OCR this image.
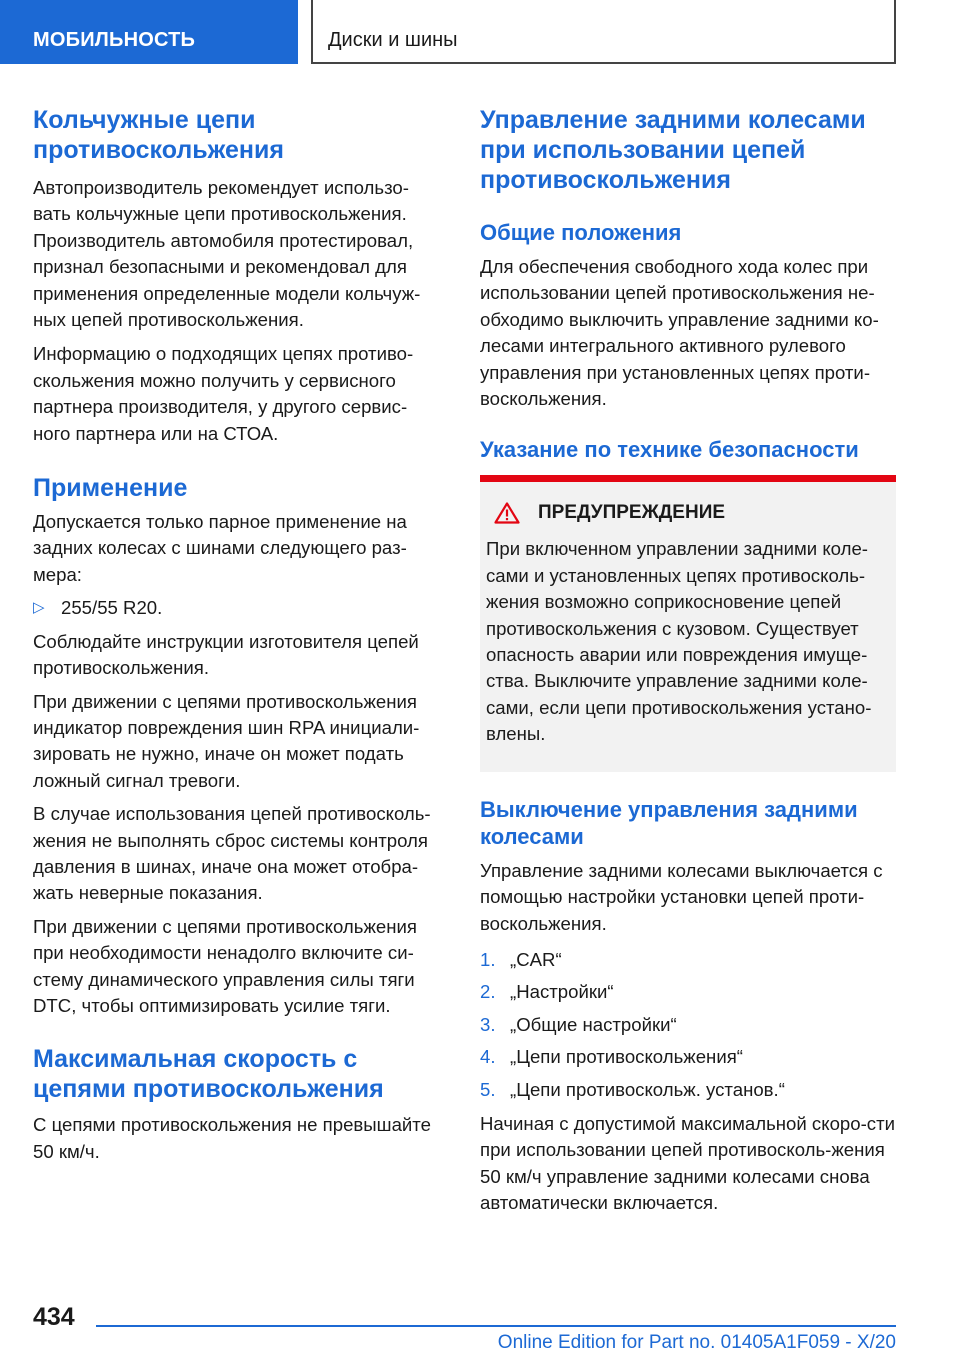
МОБИЛЬНОСТЬ	Диски и шины
Кольчужные цепи противоскольжения

Автопроизводитель рекомендует использо-вать кольчужные цепи противоскольжения. Производитель автомобиля протестировал, признал безопасными и рекомендовал для применения определенные модели кольчуж-ных цепей противоскольжения.

Информацию о подходящих цепях противо-скольжения можно получить у сервисного партнера производителя, у другого сервис-ного партнера или на СТОА.

Применение

Допускается только парное применение на задних колесах с шинами следующего раз-мера:

▷ 255/55 R20.

Соблюдайте инструкции изготовителя цепей противоскольжения.

При движении с цепями противоскольжения индикатор повреждения шин RPA инициали-зировать не нужно, иначе он может подать ложный сигнал тревоги.

В случае использования цепей противосколь-жения не выполнять сброс системы контроля давления в шинах, иначе она может отобра-жать неверные показания.

При движении с цепями противоскольжения при необходимости ненадолго включите си-стему динамического управления силы тяги DTC, чтобы оптимизировать усилие тяги.

Максимальная скорость с цепями противоскольжения

С цепями противоскольжения не превышайте 50 км/ч.

Управление задними колесами при использовании цепей противоскольжения
Общие положения

Для обеспечения свободного хода колес при использовании цепей противоскольжения не-обходимо выключить управление задними ко-лесами интегрального активного рулевого управления при установленных цепях проти-воскольжения.

Указание по технике безопасности
ПРЕДУПРЕЖДЕНИЕ

При включенном управлении задними коле-сами и установленных цепях противосколь-жения возможно соприкосновение цепей противоскольжения с кузовом. Существует опасность аварии или повреждения имуще-ства. Выключите управление задними коле-сами, если цепи противоскольжения устано-влены.

Выключение управления задними колесами

Управление задними колесами выключается с помощью настройки установки цепей проти-воскольжения.

1. „CAR“
2. „Настройки“
3. „Общие настройки“
4. „Цепи противоскольжения“
5. „Цепи противоскольж. установ.“

Начиная с допустимой максимальной скоро-сти при использовании цепей противосколь-жения 50 км/ч управление задними колесами снова автоматически включается.

434
Online Edition for Part no. 01405A1F059 - X/20
